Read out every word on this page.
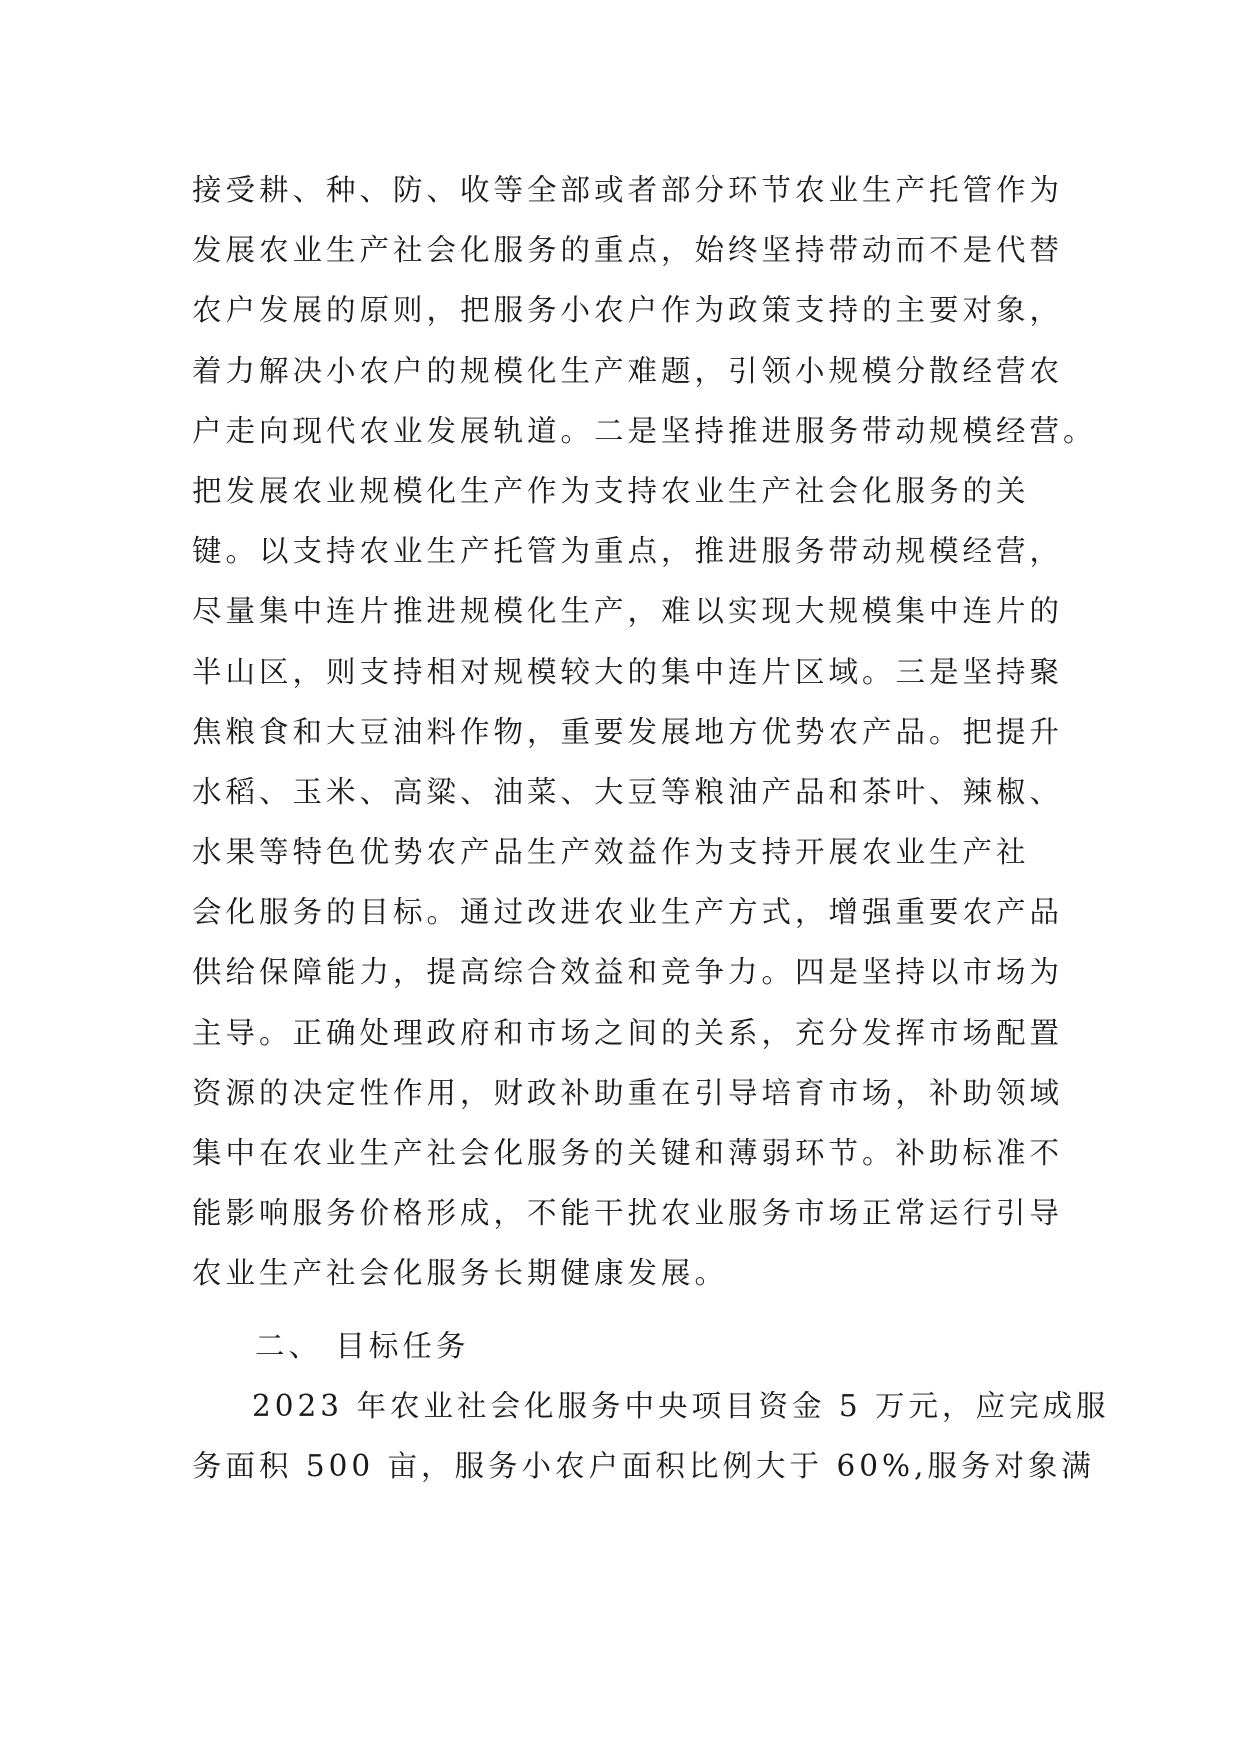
接受耕、种、防、收等全部或者部分环节农业生产托管作为
发展农业生产社会化服务的重点，始终坚持带动而不是代替
农户发展的原则，把服务小农户作为政策支持的主要对象，
着力解决小农户的规模化生产难题，引领小规模分散经营农
户走向现代农业发展轨道。二是坚持推进服务带动规模经营。
把发展农业规模化生产作为支持农业生产社会化服务的关
键。以支持农业生产托管为重点，推进服务带动规模经营，
尽量集中连片推进规模化生产，难以实现大规模集中连片的
半山区，则支持相对规模较大的集中连片区域。三是坚持聚
焦粮食和大豆油料作物，重要发展地方优势农产品。把提升
水稻、玉米、高粱、油菜、大豆等粮油产品和茶叶、辣椒、
水果等特色优势农产品生产效益作为支持开展农业生产社
会化服务的目标。通过改进农业生产方式，增强重要农产品
供给保障能力，提高综合效益和竞争力。四是坚持以市场为
主导。正确处理政府和市场之间的关系，充分发挥市场配置
资源的决定性作用，财政补助重在引导培育市场，补助领域
集中在农业生产社会化服务的关键和薄弱环节。补助标准不
能影响服务价格形成，不能干扰农业服务市场正常运行引导
农业生产社会化服务长期健康发展。
二、 目标任务
2023 年农业社会化服务中央项目资金 5 万元，应完成服
务面积 500 亩，服务小农户面积比例大于 60%,服务对象满
